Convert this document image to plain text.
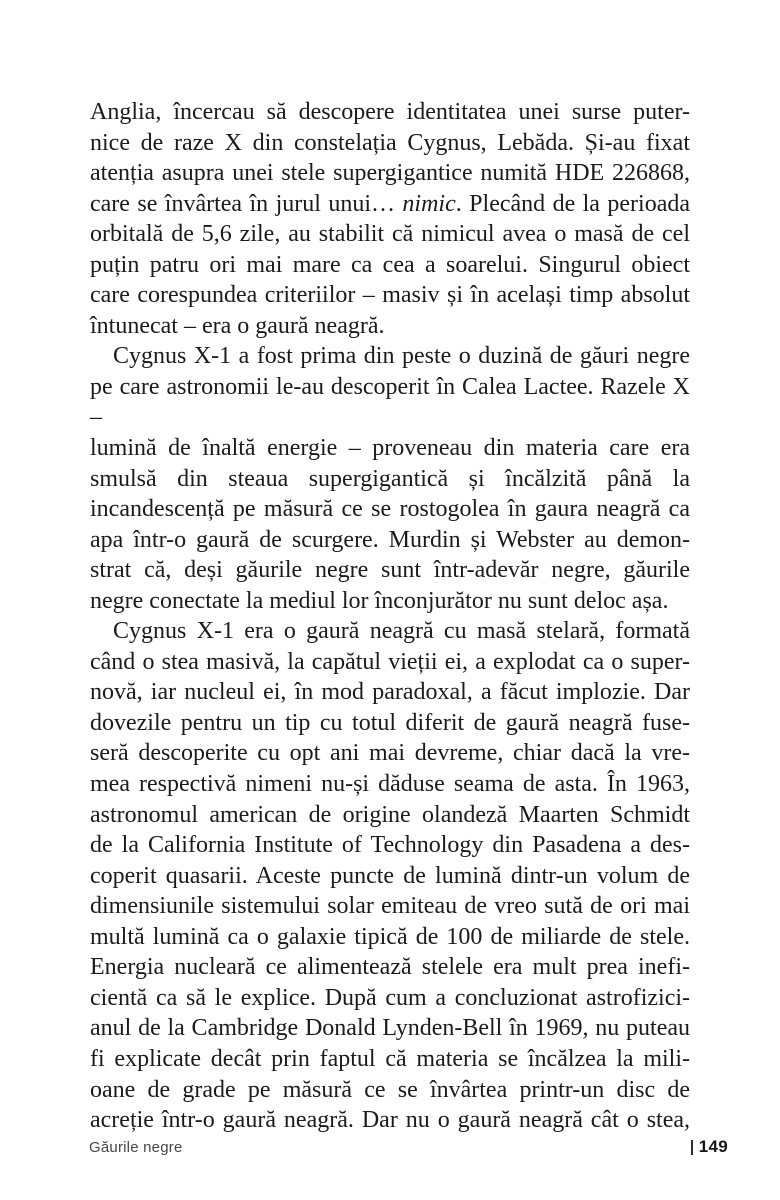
Anglia, încercau să descopere identitatea unei surse puter-
nice de raze X din constelația Cygnus, Lebăda. Și-au fixat
atenția asupra unei stele supergigantice numită HDE 226868,
care se învârtea în jurul unui… nimic. Plecând de la perioada
orbitală de 5,6 zile, au stabilit că nimicul avea o masă de cel
puțin patru ori mai mare ca cea a soarelui. Singurul obiect
care corespundea criteriilor – masiv și în același timp absolut
întunecat – era o gaură neagră.
Cygnus X-1 a fost prima din peste o duzină de găuri negre
pe care astronomii le-au descoperit în Calea Lactee. Razele X –
lumină de înaltă energie – proveneau din materia care era
smulsă din steaua supergigantică și încălzită până la
incandescență pe măsură ce se rostogolea în gaura neagră ca
apa într-o gaură de scurgere. Murdin și Webster au demon-
strat că, deși găurile negre sunt într-adevăr negre, găurile
negre conectate la mediul lor înconjurător nu sunt deloc așa.
Cygnus X-1 era o gaură neagră cu masă stelară, formată
când o stea masivă, la capătul vieții ei, a explodat ca o super-
novă, iar nucleul ei, în mod paradoxal, a făcut implozie. Dar
dovezile pentru un tip cu totul diferit de gaură neagră fuse-
seră descoperite cu opt ani mai devreme, chiar dacă la vre-
mea respectivă nimeni nu-și dăduse seama de asta. În 1963,
astronomul american de origine olandeză Maarten Schmidt
de la California Institute of Technology din Pasadena a des-
coperit quasarii. Aceste puncte de lumină dintr-un volum de
dimensiunile sistemului solar emiteau de vreo sută de ori mai
multă lumină ca o galaxie tipică de 100 de miliarde de stele.
Energia nucleară ce alimentează stelele era mult prea inefi-
cientă ca să le explice. După cum a concluzionat astrofizici-
anul de la Cambridge Donald Lynden-Bell în 1969, nu puteau
fi explicate decât prin faptul că materia se încălzea la mili-
oane de grade pe măsură ce se învârtea printr-un disc de
acreție într-o gaură neagră. Dar nu o gaură neagră cât o stea,
Găurile negre	149
